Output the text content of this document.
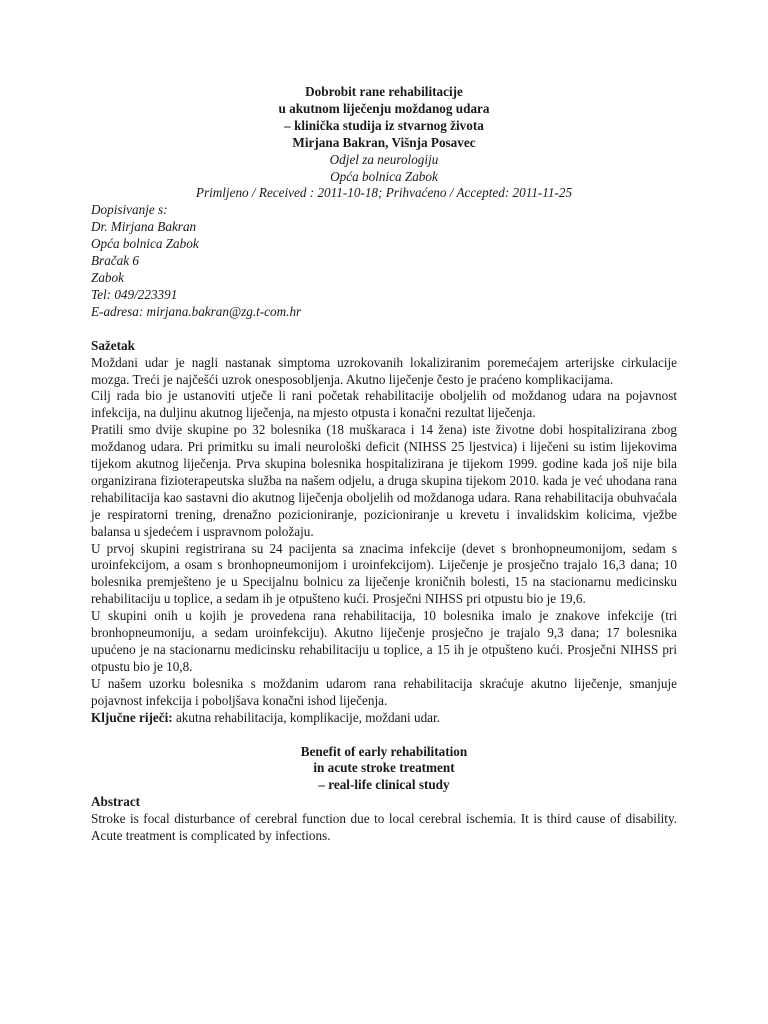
Dobrobit rane rehabilitacije
u akutnom liječenju moždanog udara
– klinička studija iz stvarnog života
Mirjana Bakran, Višnja Posavec
Odjel za neurologiju
Opća bolnica Zabok
Primljeno / Received : 2011-10-18; Prihvaćeno / Accepted: 2011-11-25
Dopisivanje s:
Dr. Mirjana Bakran
Opća bolnica Zabok
Bračak 6
Zabok
Tel: 049/223391
E-adresa: mirjana.bakran@zg.t-com.hr
Sažetak

Moždani udar je nagli nastanak simptoma uzrokovanih lokaliziranim poremećajem arterijske cirkulacije mozga. Treći je najčešći uzrok onesposobljenja. Akutno liječenje često je praćeno komplikacijama.

Cilj rada bio je ustanoviti utječe li rani početak rehabilitacije oboljelih od moždanog udara na pojavnost infekcija, na duljinu akutnog liječenja, na mjesto otpusta i konačni rezultat liječenja.

Pratili smo dvije skupine po 32 bolesnika (18 muškaraca i 14 žena) iste životne dobi hospitalizirana zbog moždanog udara. Pri primitku su imali neurološki deficit (NIHSS 25 ljestvica) i liječeni su istim lijekovima tijekom akutnog liječenja. Prva skupina bolesnika hospitalizirana je tijekom 1999. godine kada još nije bila organizirana fizioterapeutska služba na našem odjelu, a druga skupina tijekom 2010. kada je već uhodana rana rehabilitacija kao sastavni dio akutnog liječenja oboljelih od moždanoga udara. Rana rehabilitacija obuhvaćala je respiratorni trening, drenažno pozicioniranje, pozicioniranje u krevetu i invalidskim kolicima, vježbe balansa u sjedećem i uspravnom položaju.

U prvoj skupini registrirana su 24 pacijenta sa znacima infekcije (devet s bronhopneumonijom, sedam s uroinfekcijom, a osam s bronhopneumonijom i uroinfekcijom). Liječenje je prosječno trajalo 16,3 dana; 10 bolesnika premješteno je u Specijalnu bolnicu za liječenje kroničnih bolesti, 15 na stacionarnu medicinsku rehabilitaciju u toplice, a sedam ih je otpušteno kući. Prosječni NIHSS pri otpustu bio je 19,6.

U skupini onih u kojih je provedena rana rehabilitacija, 10 bolesnika imalo je znakove infekcije (tri bronhopneumoniju, a sedam uroinfekciju). Akutno liječenje prosječno je trajalo 9,3 dana; 17 bolesnika upućeno je na stacionarnu medicinsku rehabilitaciju u toplice, a 15 ih je otpušteno kući. Prosječni NIHSS pri otpustu bio je 10,8.

U našem uzorku bolesnika s moždanim udarom rana rehabilitacija skraćuje akutno liječenje, smanjuje pojavnost infekcija i poboljšava konačni ishod liječenja.

Ključne riječi: akutna rehabilitacija, komplikacije, moždani udar.

Benefit of early rehabilitation
in acute stroke treatment
– real-life clinical study
Abstract

Stroke is focal disturbance of cerebral function due to local cerebral ischemia. It is third cause of disability. Acute treatment is complicated by infections.
